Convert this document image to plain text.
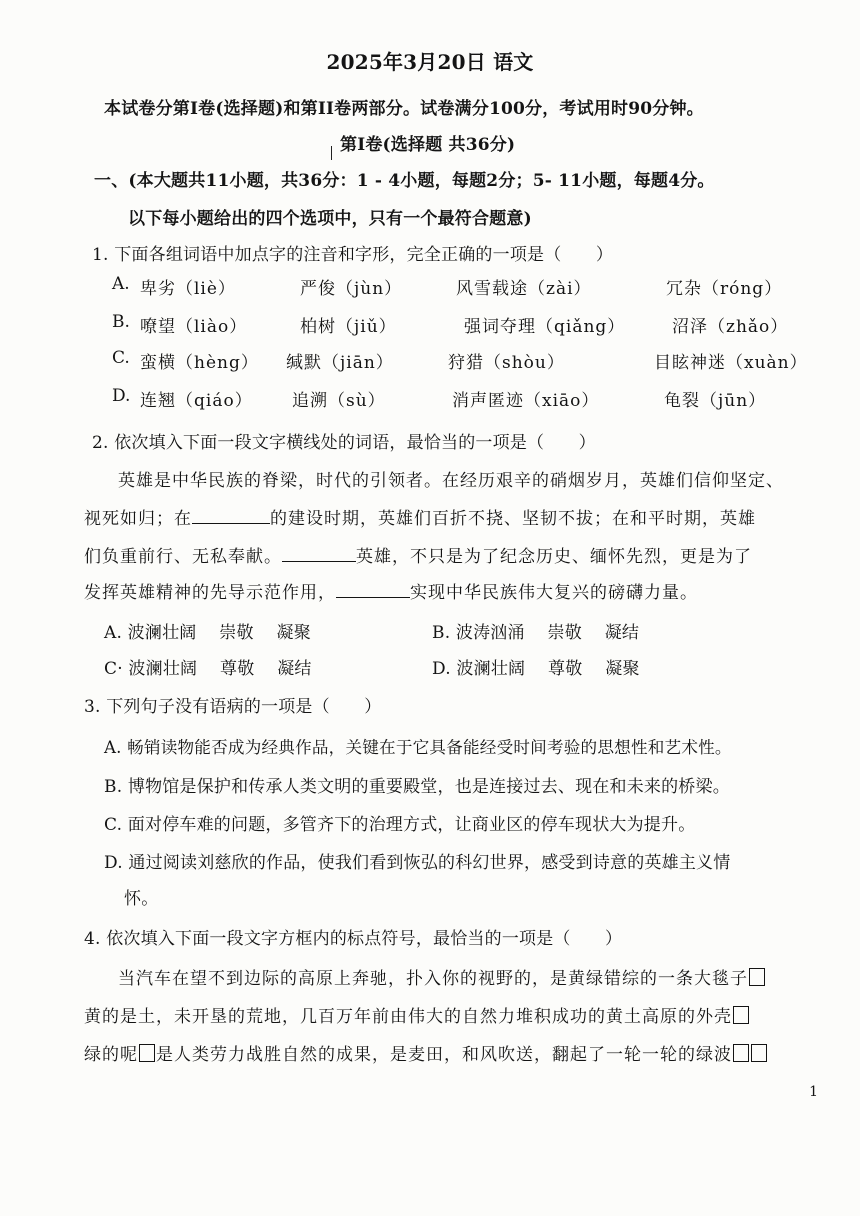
2025年3月20日 语文
本试卷分第Ⅰ卷(选择题)和第II卷两部分。试卷满分100分，考试用时90分钟。
第Ⅰ卷(选择题 共36分)
一、(本大题共11小题，共36分：1 - 4小题，每题2分；5- 11小题，每题4分。
以下每小题给出的四个选项中，只有一个最符合题意)
1. 下面各组词语中加点字的注音和字形，完全正确的一项是（　　）
A. 卑劣（liè）	严俊（jùn）	风雪载途（zài）	冗杂（róng）
B. 嘹望（liào）	柏树（jiǔ）	强词夺理（qiǎng）	沼泽（zhǎo）
C. 蛮横（hèng） 缄默（jiān）	狩猎（shòu）	目眩神迷（xuàn）
D. 连翘（qiáo） 追溯（sù）	消声匿迹（xiāo）	龟裂（jūn）
2. 依次填入下面一段文字横线处的词语，最恰当的一项是（　　）
英雄是中华民族的脊梁，时代的引领者。在经历艰辛的硝烟岁月，英雄们信仰坚定、
视死如归；在	的建设时期，英雄们百折不挠、坚韧不拔；在和平时期，英雄
们负重前行、无私奉献。	英雄，不只是为了纪念历史、缅怀先烈，更是为了
发挥英雄精神的先导示范作用，	实现中华民族伟大复兴的磅礴力量。
A. 波澜壮阔　 崇敬　 凝聚	B. 波涛汹涌　 崇敬　 凝结
C· 波澜壮阔　 尊敬　 凝结	D. 波澜壮阔　 尊敬　 凝聚
3. 下列句子没有语病的一项是（　　）
A. 畅销读物能否成为经典作品，关键在于它具备能经受时间考验的思想性和艺术性。
B. 博物馆是保护和传承人类文明的重要殿堂，也是连接过去、现在和未来的桥梁。
C. 面对停车难的问题，多管齐下的治理方式，让商业区的停车现状大为提升。
D. 通过阅读刘慈欣的作品，使我们看到恢弘的科幻世界，感受到诗意的英雄主义情
怀。
4. 依次填入下面一段文字方框内的标点符号，最恰当的一项是（　　）
当汽车在望不到边际的高原上奔驰，扑入你的视野的，是黄绿错综的一条大毯子
黄的是土，未开垦的荒地，几百万年前由伟大的自然力堆积成功的黄土高原的外壳
绿的呢 是人类劳力战胜自然的成果，是麦田，和风吹送，翻起了一轮一轮的绿波
1
